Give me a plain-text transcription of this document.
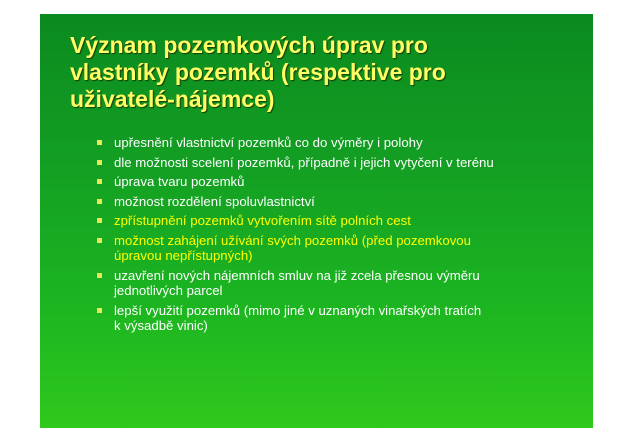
Význam pozemkových úprav pro
vlastníky pozemků (respektive pro
uživatelé-nájemce)
upřesnění vlastnictví pozemků co do výměry i polohy
dle možnosti scelení pozemků, případně i jejich vytyčení v terénu
úprava tvaru pozemků
možnost rozdělení spoluvlastnictví
zpřístupnění pozemků vytvořením sítě polních cest
možnost zahájení užívání svých pozemků (před pozemkovou
úpravou nepřístupných)
uzavření nových nájemních smluv na již zcela přesnou výměru
jednotlivých parcel
lepší využití pozemků (mimo jiné v uznaných vinařských tratích
k výsadbě vinic)
